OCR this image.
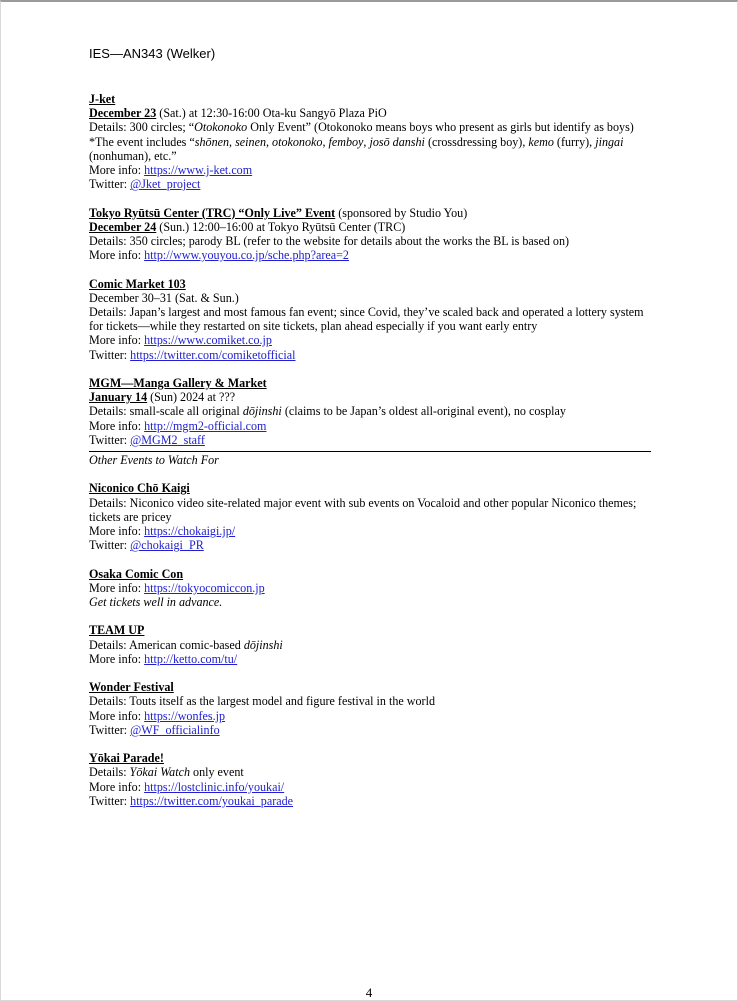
IES—AN343 (Welker)
J-ket
December 23 (Sat.) at 12:30‑16:00 Ota-ku Sangyō Plaza PiO
Details: 300 circles; “Otokonoko Only Event” (Otokonoko means boys who present as girls but identify as boys)
*The event includes “shōnen, seinen, otokonoko, femboy, josō danshi (crossdressing boy), kemo (furry), jingai (nonhuman), etc.”
More info: https://www.j-ket.com
Twitter: @Jket_project
Tokyo Ryūtsū Center (TRC) “Only Live” Event (sponsored by Studio You)
December 24 (Sun.) 12:00–16:00 at Tokyo Ryūtsū Center (TRC)
Details: 350 circles; parody BL (refer to the website for details about the works the BL is based on)
More info: http://www.youyou.co.jp/sche.php?area=2
Comic Market 103
December 30–31 (Sat. & Sun.)
Details: Japan’s largest and most famous fan event; since Covid, they’ve scaled back and operated a lottery system for tickets—while they restarted on site tickets, plan ahead especially if you want early entry
More info: https://www.comiket.co.jp
Twitter: https://twitter.com/comiketofficial
MGM—Manga Gallery & Market
January 14 (Sun) 2024 at ???
Details: small-scale all original dōjinshi (claims to be Japan’s oldest all-original event), no cosplay
More info: http://mgm2-official.com
Twitter: @MGM2_staff
Other Events to Watch For
Niconico Chō Kaigi
Details: Niconico video site-related major event with sub events on Vocaloid and other popular Niconico themes; tickets are pricey
More info: https://chokaigi.jp/
Twitter: @chokaigi_PR
Osaka Comic Con
More info: https://tokyocomiccon.jp
Get tickets well in advance.
TEAM UP
Details: American comic-based dōjinshi
More info: http://ketto.com/tu/
Wonder Festival
Details: Touts itself as the largest model and figure festival in the world
More info: https://wonfes.jp
Twitter: @WF_officialinfo
Yōkai Parade!
Details: Yōkai Watch only event
More info: https://lostclinic.info/youkai/
Twitter: https://twitter.com/youkai_parade
4
